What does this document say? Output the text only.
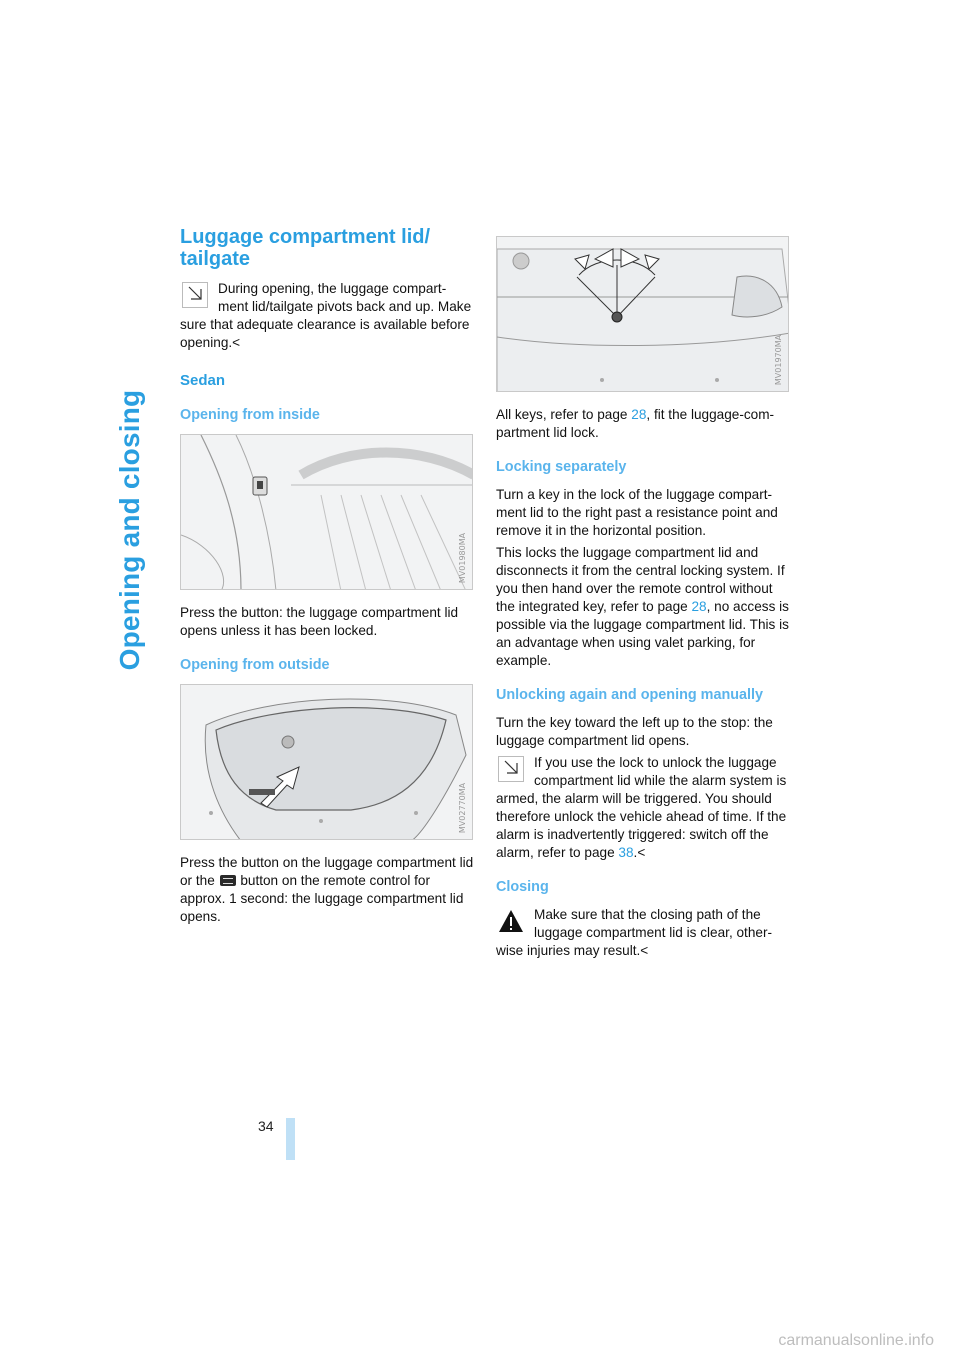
Opening and closing
Luggage compartment lid/ tailgate

During opening, the luggage compart-ment lid/tailgate pivots back and up. Make sure that adequate clearance is available before opening.<

Sedan
Opening from inside
MV01980MA

Press the button: the luggage compartment lid opens unless it has been locked.

Opening from outside
MV02770MA

Press the button on the luggage compartment lid or the button on the remote control for approx. 1 second: the luggage compartment lid opens.

MV01970MA

All keys, refer to page 28, fit the luggage-com-partment lid lock.

Locking separately

Turn a key in the lock of the luggage compart-ment lid to the right past a resistance point and remove it in the horizontal position.

This locks the luggage compartment lid and disconnects it from the central locking system. If you then hand over the remote control without the integrated key, refer to page 28, no access is possible via the luggage compartment lid. This is an advantage when using valet parking, for example.

Unlocking again and opening manually

Turn the key toward the left up to the stop: the luggage compartment lid opens.

If you use the lock to unlock the luggage compartment lid while the alarm system is armed, the alarm will be triggered. You should therefore unlock the vehicle ahead of time. If the alarm is inadvertently triggered: switch off the alarm, refer to page 38.<

Closing

Make sure that the closing path of the luggage compartment lid is clear, other-wise injuries may result.<

34
carmanualsonline.info
